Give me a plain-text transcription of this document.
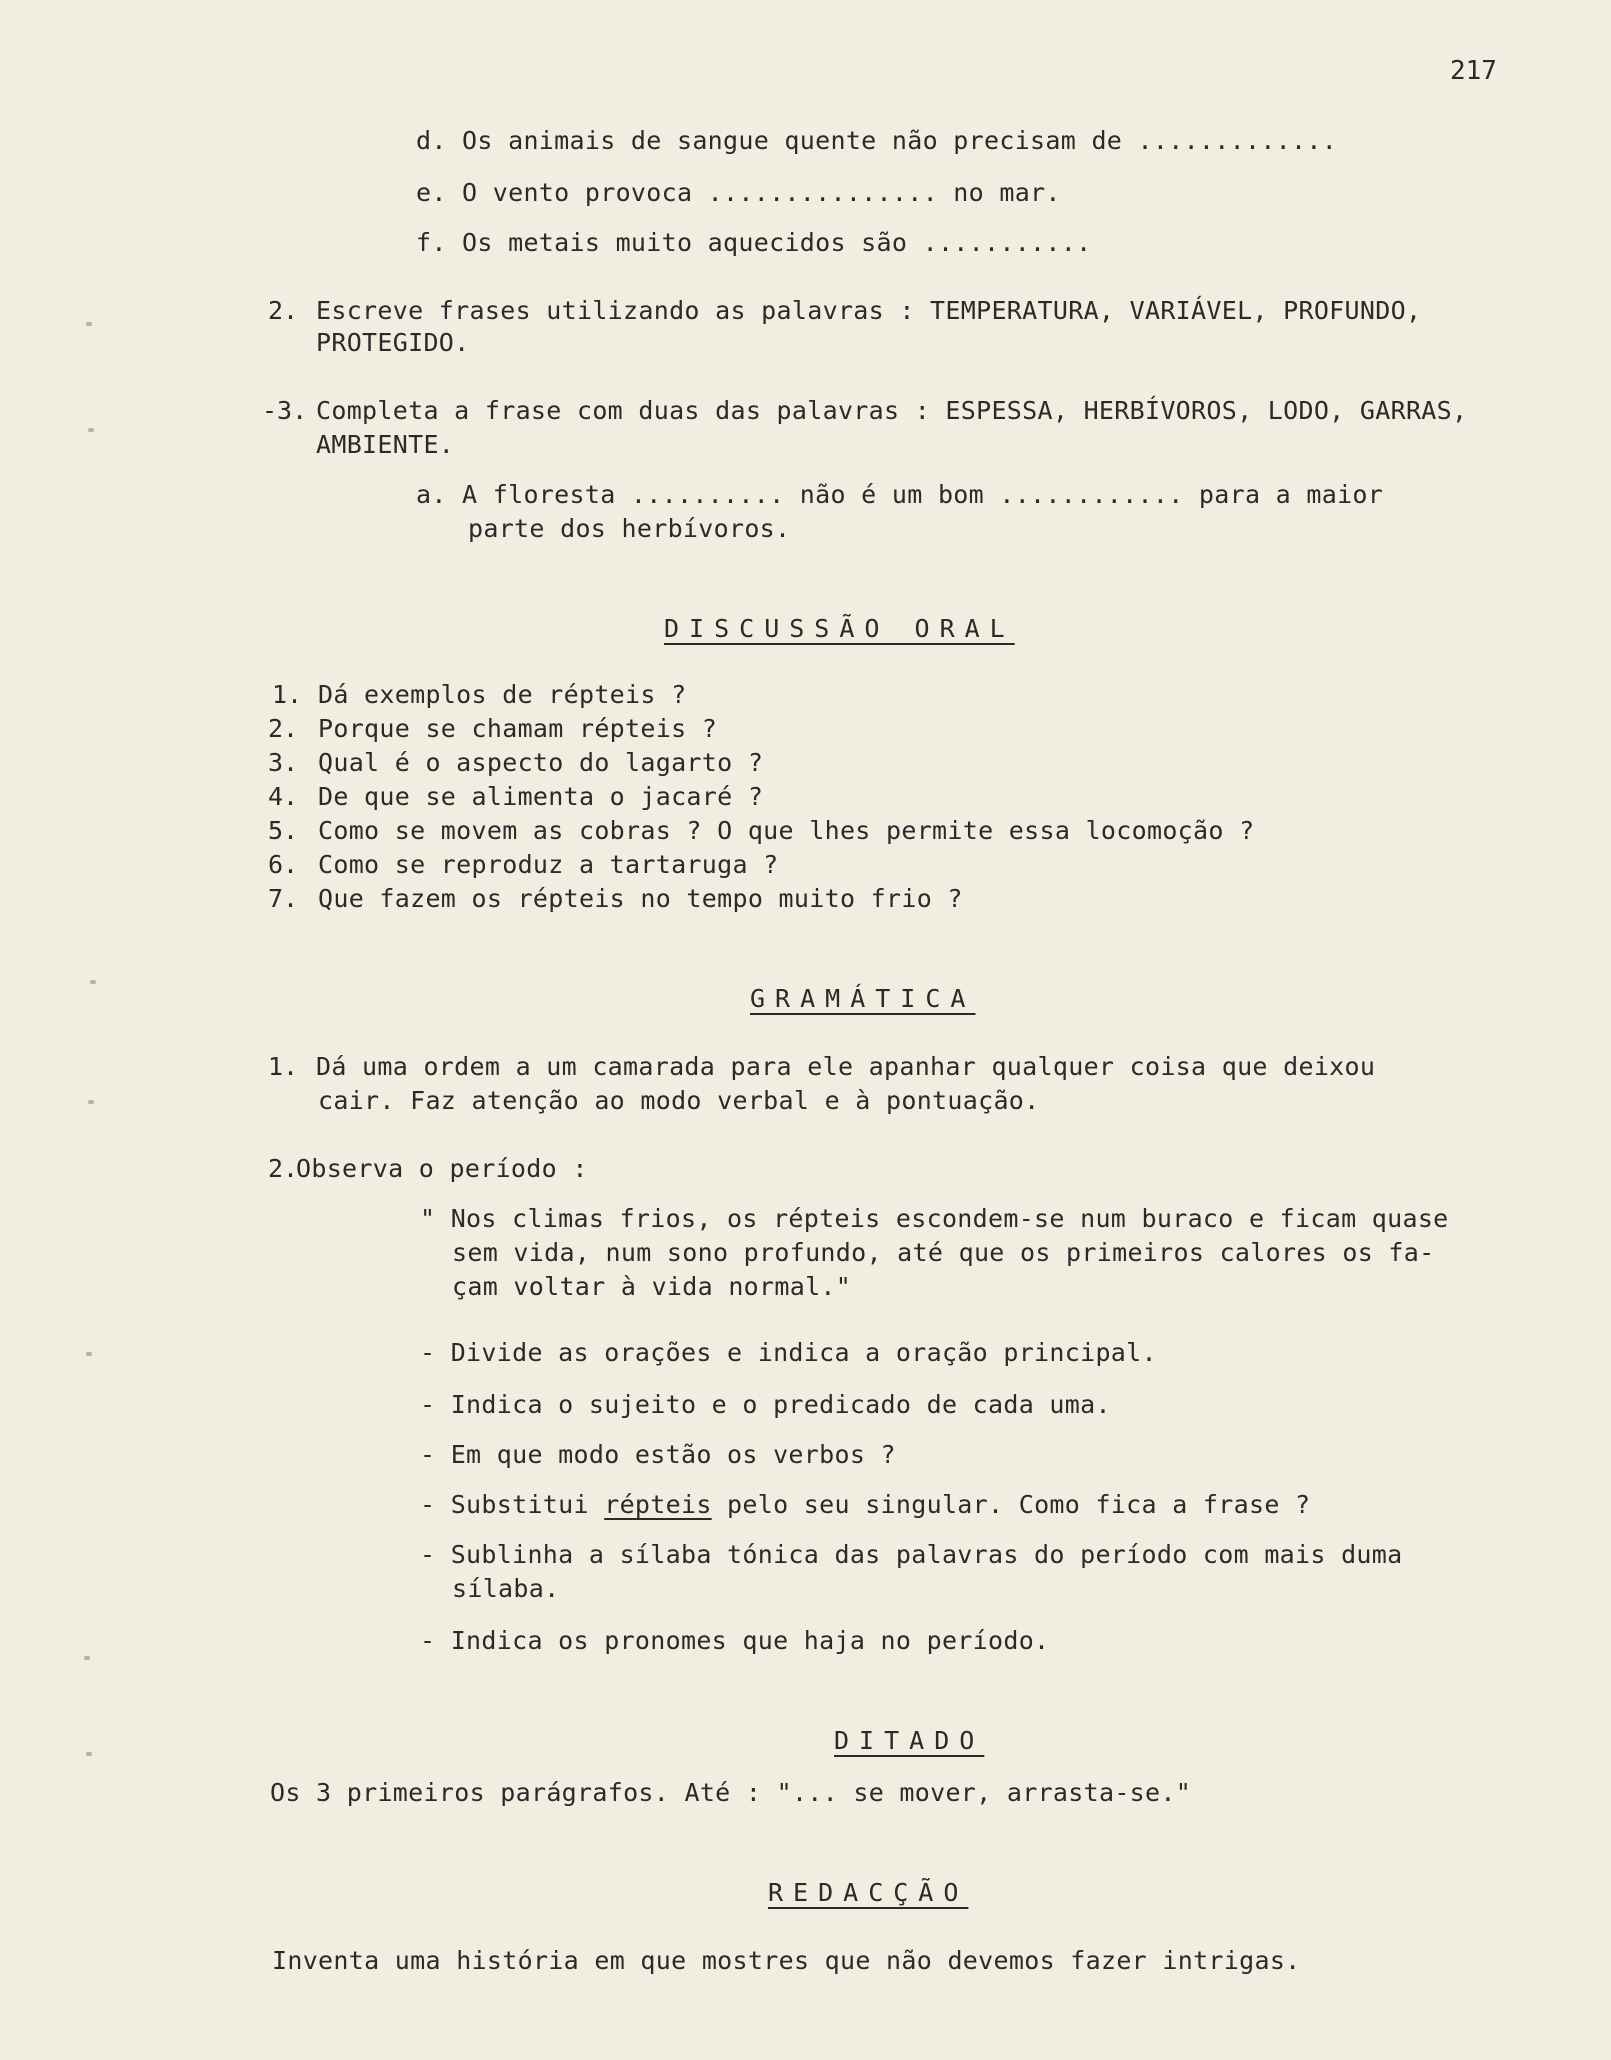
217
d. Os animais de sangue quente não precisam de .............
e. O vento provoca ............... no mar.
f. Os metais muito aquecidos são ...........
2. Escreve frases utilizando as palavras : TEMPERATURA, VARIÁVEL, PROFUNDO,
PROTEGIDO.
-3. Completa a frase com duas das palavras : ESPESSA, HERBÍVOROS, LODO, GARRAS,
AMBIENTE.
a. A floresta .......... não é um bom ............ para a maior
parte dos herbívoros.
DISCUSSÃO ORAL
1. Dá exemplos de répteis ?
2. Porque se chamam répteis ?
3. Qual é o aspecto do lagarto ?
4. De que se alimenta o jacaré ?
5. Como se movem as cobras ? O que lhes permite essa locomoção ?
6. Como se reproduz a tartaruga ?
7. Que fazem os répteis no tempo muito frio ?
GRAMÁTICA
1. Dá uma ordem a um camarada para ele apanhar qualquer coisa que deixou
cair. Faz atenção ao modo verbal e à pontuação.
2.
Observa o período :
" Nos climas frios, os répteis escondem-se num buraco e ficam quase
sem vida, num sono profundo, até que os primeiros calores os fa-
çam voltar à vida normal."
- Divide as orações e indica a oração principal.
- Indica o sujeito e o predicado de cada uma.
- Em que modo estão os verbos ?
- Substitui répteis pelo seu singular. Como fica a frase ?
- Sublinha a sílaba tónica das palavras do período com mais duma
sílaba.
- Indica os pronomes que haja no período.
DITADO
Os 3 primeiros parágrafos. Até : "... se mover, arrasta-se."
REDACÇÃO
Inventa uma história em que mostres que não devemos fazer intrigas.
